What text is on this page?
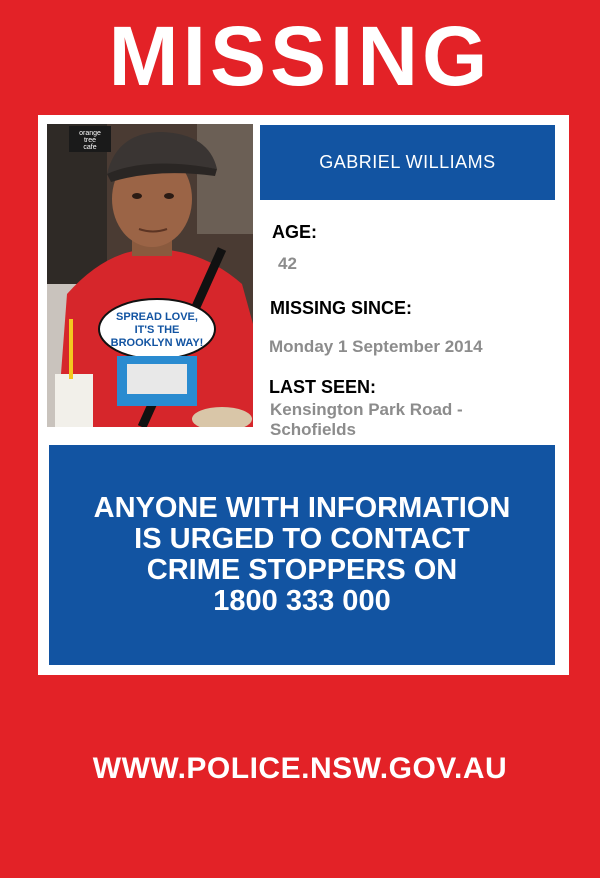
MISSING
orange
tree
cafe
SPREAD LOVE,
IT'S THE
BROOKLYN WAY!
GABRIEL WILLIAMS
AGE:
42
MISSING SINCE:
Monday 1 September 2014
LAST SEEN:
Kensington Park Road -
Schofields
ANYONE WITH INFORMATION
IS URGED TO CONTACT
CRIME STOPPERS ON
1800 333 000
WWW.POLICE.NSW.GOV.AU
